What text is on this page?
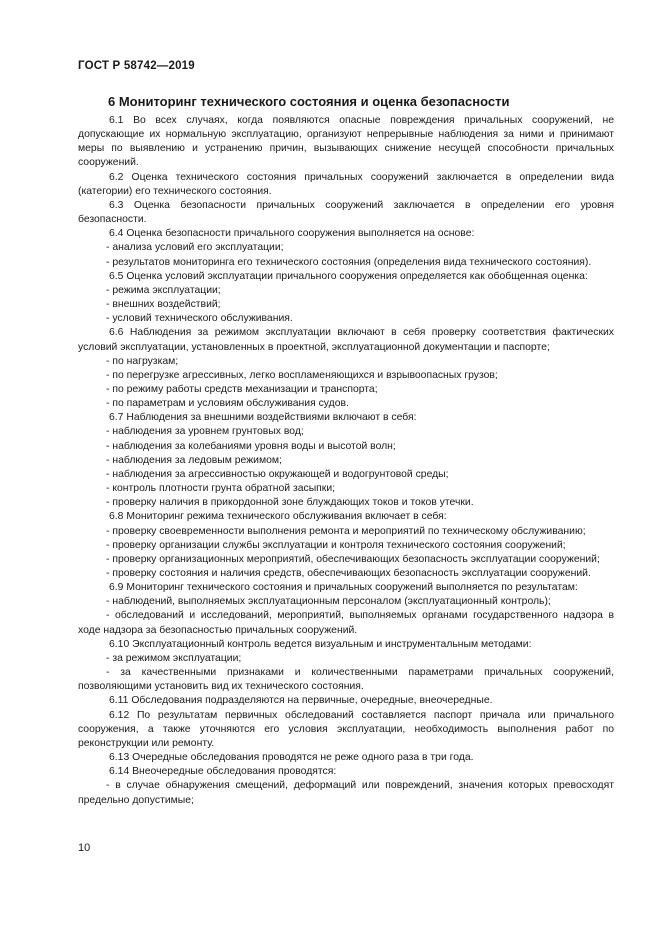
ГОСТ Р 58742—2019
6 Мониторинг технического состояния и оценка безопасности

6.1 Во всех случаях, когда появляются опасные повреждения причальных сооружений, не допускающие их нормальную эксплуатацию, организуют непрерывные наблюдения за ними и принимают меры по выявлению и устранению причин, вызывающих снижение несущей способности причальных сооружений.

6.2 Оценка технического состояния причальных сооружений заключается в определении вида (категории) его технического состояния.

6.3 Оценка безопасности причальных сооружений заключается в определении его уровня безопасности.

6.4 Оценка безопасности причального сооружения выполняется на основе:

- анализа условий его эксплуатации;

- результатов мониторинга его технического состояния (определения вида технического состояния).

6.5 Оценка условий эксплуатации причального сооружения определяется как обобщенная оценка:

- режима эксплуатации;

- внешних воздействий;

- условий технического обслуживания.

6.6 Наблюдения за режимом эксплуатации включают в себя проверку соответствия фактических условий эксплуатации, установленных в проектной, эксплуатационной документации и паспорте;

- по нагрузкам;

- по перегрузке агрессивных, легко воспламеняющихся и взрывоопасных грузов;

- по режиму работы средств механизации и транспорта;

- по параметрам и условиям обслуживания судов.

6.7 Наблюдения за внешними воздействиями включают в себя:

- наблюдения за уровнем грунтовых вод;

- наблюдения за колебаниями уровня воды и высотой волн;

- наблюдения за ледовым режимом;

- наблюдения за агрессивностью окружающей и водогрунтовой среды;

- контроль плотности грунта обратной засыпки;

- проверку наличия в прикордонной зоне блуждающих токов и токов утечки.

6.8 Мониторинг режима технического обслуживания включает в себя:

- проверку своевременности выполнения ремонта и мероприятий по техническому обслуживанию;

- проверку организации службы эксплуатации и контроля технического состояния сооружений;

- проверку организационных мероприятий, обеспечивающих безопасность эксплуатации сооружений;

- проверку состояния и наличия средств, обеспечивающих безопасность эксплуатации сооружений.

6.9 Мониторинг технического состояния и причальных сооружений выполняется по результатам:

- наблюдений, выполняемых эксплуатационным персоналом (эксплуатационный контроль);

- обследований и исследований, мероприятий, выполняемых органами государственного надзора в ходе надзора за безопасностью причальных сооружений.

6.10 Эксплуатационный контроль ведется визуальным и инструментальным методами:

- за режимом эксплуатации;

- за качественными признаками и количественными параметрами причальных сооружений, позволяющими установить вид их технического состояния.

6.11 Обследования подразделяются на первичные, очередные, внеочередные.

6.12 По результатам первичных обследований составляется паспорт причала или причального сооружения, а также уточняются его условия эксплуатации, необходимость выполнения работ по реконструкции или ремонту.

6.13 Очередные обследования проводятся не реже одного раза в три года.

6.14 Внеочередные обследования проводятся:

- в случае обнаружения смещений, деформаций или повреждений, значения которых превосходят предельно допустимые;

10
